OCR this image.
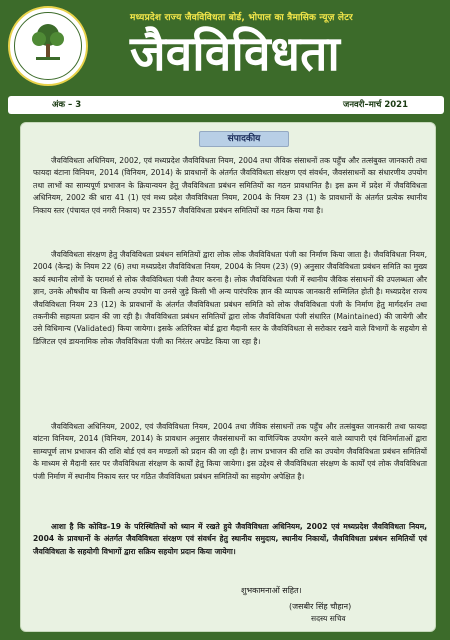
मध्यप्रदेश राज्य जैवविविधता बोर्ड, भोपाल का त्रैमासिक न्यूज़ लेटर
जैवविविधता
अंक – 3	जनवरी–मार्च 2021
संपादकीय

जैवविविधता अधिनियम, 2002, एवं मध्यप्रदेश जैवविविधता नियम, 2004 तथा जैविक संसाधनों तक पहुँच और तत्संबुक्त जानकारी तथा फायदा बंटाना विनियम, 2014 (विनियम, 2014) के प्रावधानों के अंतर्गत जैवविविधता संरक्षण एवं संवर्धन, जैवसंसाधनों का संधारणीय उपयोग तथा लाभों का साम्यपूर्ण प्रभाजन के क्रियान्वयन हेतु जैवविविधता प्रबंधन समितियों का गठन प्रावधानित है। इस क्रम में प्रदेश में जैवविविधता अधिनियम, 2002 की धारा 41 (1) एवं मध्य प्रदेश जैवविविधता नियम, 2004 के नियम 23 (1) के प्रावधानों के अंतर्गत प्रत्येक स्थानीय निकाय स्तर (पंचायत एवं नगरी निकाय) पर 23557 जैवविविधता प्रबंधन समितियों का गठन किया गया है।

जैवविविधता संरक्षण हेतु जैवविविधता प्रबंधन समितियों द्वारा लोक लोक जैवविविधता पंजी का निर्माण किया जाता है। जैवविविधता नियम, 2004 (केन्द्र) के नियम 22 (6) तथा मध्यप्रदेश जैवविविधता नियम, 2004 के नियम (23) (9) अनुसार जैवविविधता प्रबंधन समिति का मुख्य कार्य स्थानीय लोगों के परामर्श से लोक जैवविविधता पंजी तैयार करना है। लोक जैवविविधता पंजी में स्थानीय जैविक संसाधनों की उपलब्धता और ज्ञान, उनके औषधीय या किसी अन्य उपयोग या उनसे जुड़े किसी भी अन्य पारंपरिक ज्ञान की व्यापक जानकारी सम्मिलित होती है। मध्यप्रदेश राज्य जैवविविधता नियम 23 (12) के प्रावधानों के अंतर्गत जैवविविधता प्रबंधन समिति को लोक जैवविविधता पंजी के निर्माण हेतु मार्गदर्शन तथा तकनीकी सहायता प्रदान की जा रही है। जैवविविधता प्रबंधन समितियों द्वारा लोक जैवविविधता पंजी संधारित (Maintained) की जायेगी और उसे विधिमान्य (Validated) किया जायेगा। इसके अतिरिक्त बोर्ड द्वारा मैदानी स्तर के जैवविविधता से सरोकार रखने वाले विभागों के सहयोग से डिजिटल एवं डायनामिक लोक जैवविविधता पंजी का निरंतर अपडेट किया जा रहा है।

जैवविविधता अधिनियम, 2002, एवं जैवविविधता नियम, 2004 तथा जैविक संसाधनों तक पहुँच और तत्संबुक्त जानकारी तथा फायदा बांटना विनियम, 2014 (विनियम, 2014) के प्रावधान अनुसार जैवसंसाधनों का वाणिज्यिक उपयोग करने वाले व्यापारी एवं विनिर्माताओं द्वारा साम्यपूर्ण लाभ प्रभाजन की राशि बोर्ड एवं वन मण्डलों को प्रदान की जा रही है। लाभ प्रभाजन की राशि का उपयोग जैवविविधता प्रबंधन समितियों के माध्यम से मैदानी स्तर पर जैवविविधता संरक्षण के कार्यों हेतु किया जायेगा। इस उद्देश्य से जैवविविधता संरक्षण के कार्यों एवं लोक जैवविविधता पंजी निर्माण में स्थानीय निकाय स्तर पर गठित जैवविविधता प्रबंधन समितियों का सहयोग अपेक्षित है।

आशा है कि कोविड–19 के परिस्थितियों को ध्यान में रखते हुये जैवविविधता अधिनियम, 2002 एवं मध्यप्रदेश जैवविविधता नियम, 2004 के प्रावधानों के अंतर्गत जैवविविधता संरक्षण एवं संवर्धन हेतु स्थानीय समुदाय, स्थानीय निकायों, जैवविविधता प्रबंधन समितियों एवं जैवविविधता के सहयोगी विभागों द्वारा सक्रिय सहयोग प्रदान किया जायेगा।

शुभकामनाओं सहित।
(जसबीर सिंह चौहान)
सदस्य सचिव
